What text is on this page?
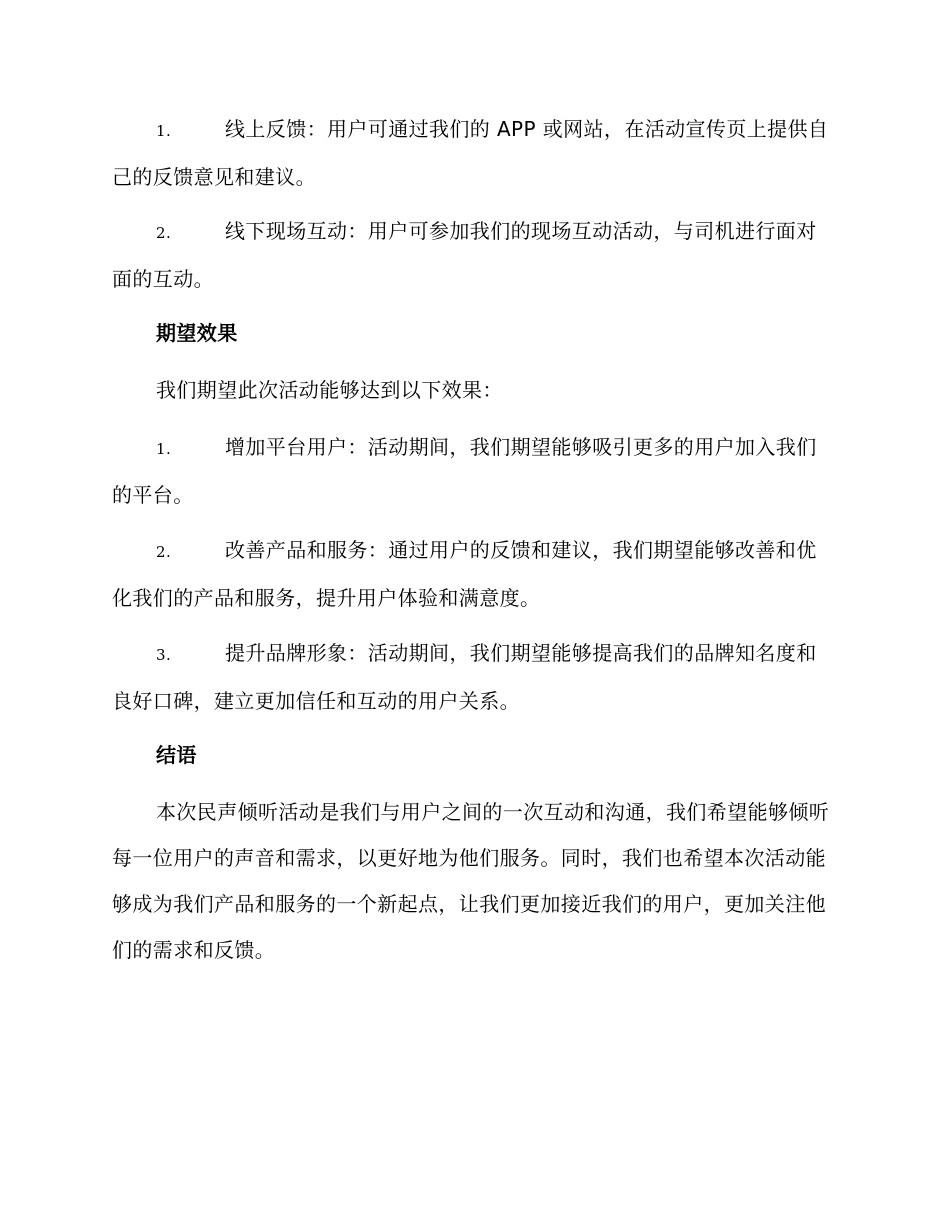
1.	线上反馈：用户可通过我们的 APP 或网站，在活动宣传页上提供自己的反馈意见和建议。

2.	线下现场互动：用户可参加我们的现场互动活动，与司机进行面对面的互动。

期望效果

我们期望此次活动能够达到以下效果：

1.	增加平台用户：活动期间，我们期望能够吸引更多的用户加入我们的平台。

2.	改善产品和服务：通过用户的反馈和建议，我们期望能够改善和优化我们的产品和服务，提升用户体验和满意度。

3.	提升品牌形象：活动期间，我们期望能够提高我们的品牌知名度和良好口碑，建立更加信任和互动的用户关系。

结语

本次民声倾听活动是我们与用户之间的一次互动和沟通，我们希望能够倾听每一位用户的声音和需求，以更好地为他们服务。同时，我们也希望本次活动能够成为我们产品和服务的一个新起点，让我们更加接近我们的用户，更加关注他们的需求和反馈。
